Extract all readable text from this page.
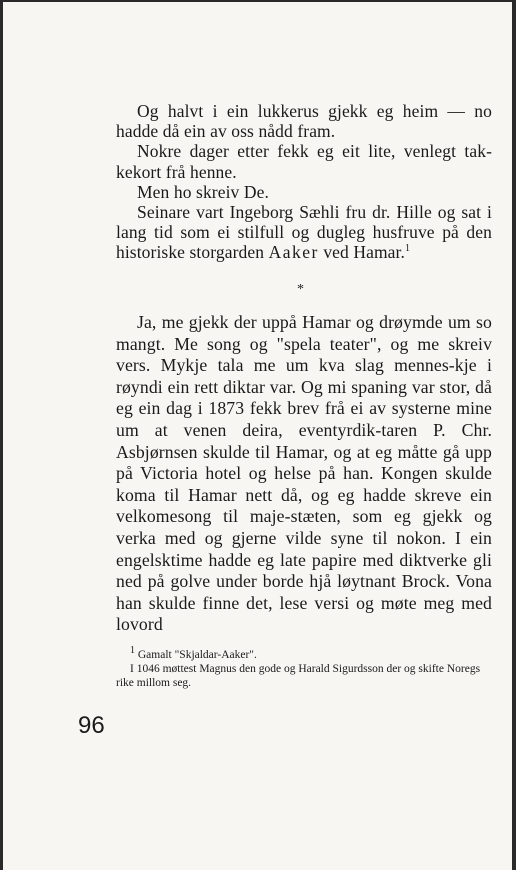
Og halvt i ein lukkerus gjekk eg heim — no hadde då ein av oss nådd fram.

Nokre dager etter fekk eg eit lite, venlegt tak-kekort frå henne.

Men ho skreiv De.

Seinare vart Ingeborg Sæhli fru dr. Hille og sat i lang tid som ei stilfull og dugleg husfruve på den historiske storgarden Aaker ved Hamar.$^1$

*

Ja, me gjekk der uppå Hamar og drøymde um so mangt. Me song og "spela teater", og me skreiv vers. Mykje tala me um kva slag mennes-kje i røyndi ein rett diktar var. Og mi spaning var stor, då eg ein dag i 1873 fekk brev frå ei av systerne mine um at venen deira, eventyrdik-taren P. Chr. Asbjørnsen skulde til Hamar, og at eg måtte gå upp på Victoria hotel og helse på han. Kongen skulde koma til Hamar nett då, og eg hadde skreve ein velkomesong til maje-stæten, som eg gjekk og verka med og gjerne vilde syne til nokon. I ein engelsktime hadde eg late papire med diktverke gli ned på golve under borde hjå løytnant Brock. Vona han skulde finne det, lese versi og møte meg med lovord

1 Gamalt "Skjaldar-Aaker".

I 1046 møttest Magnus den gode og Harald Sigurdsson der og skifte Noregs rike millom seg.

96
